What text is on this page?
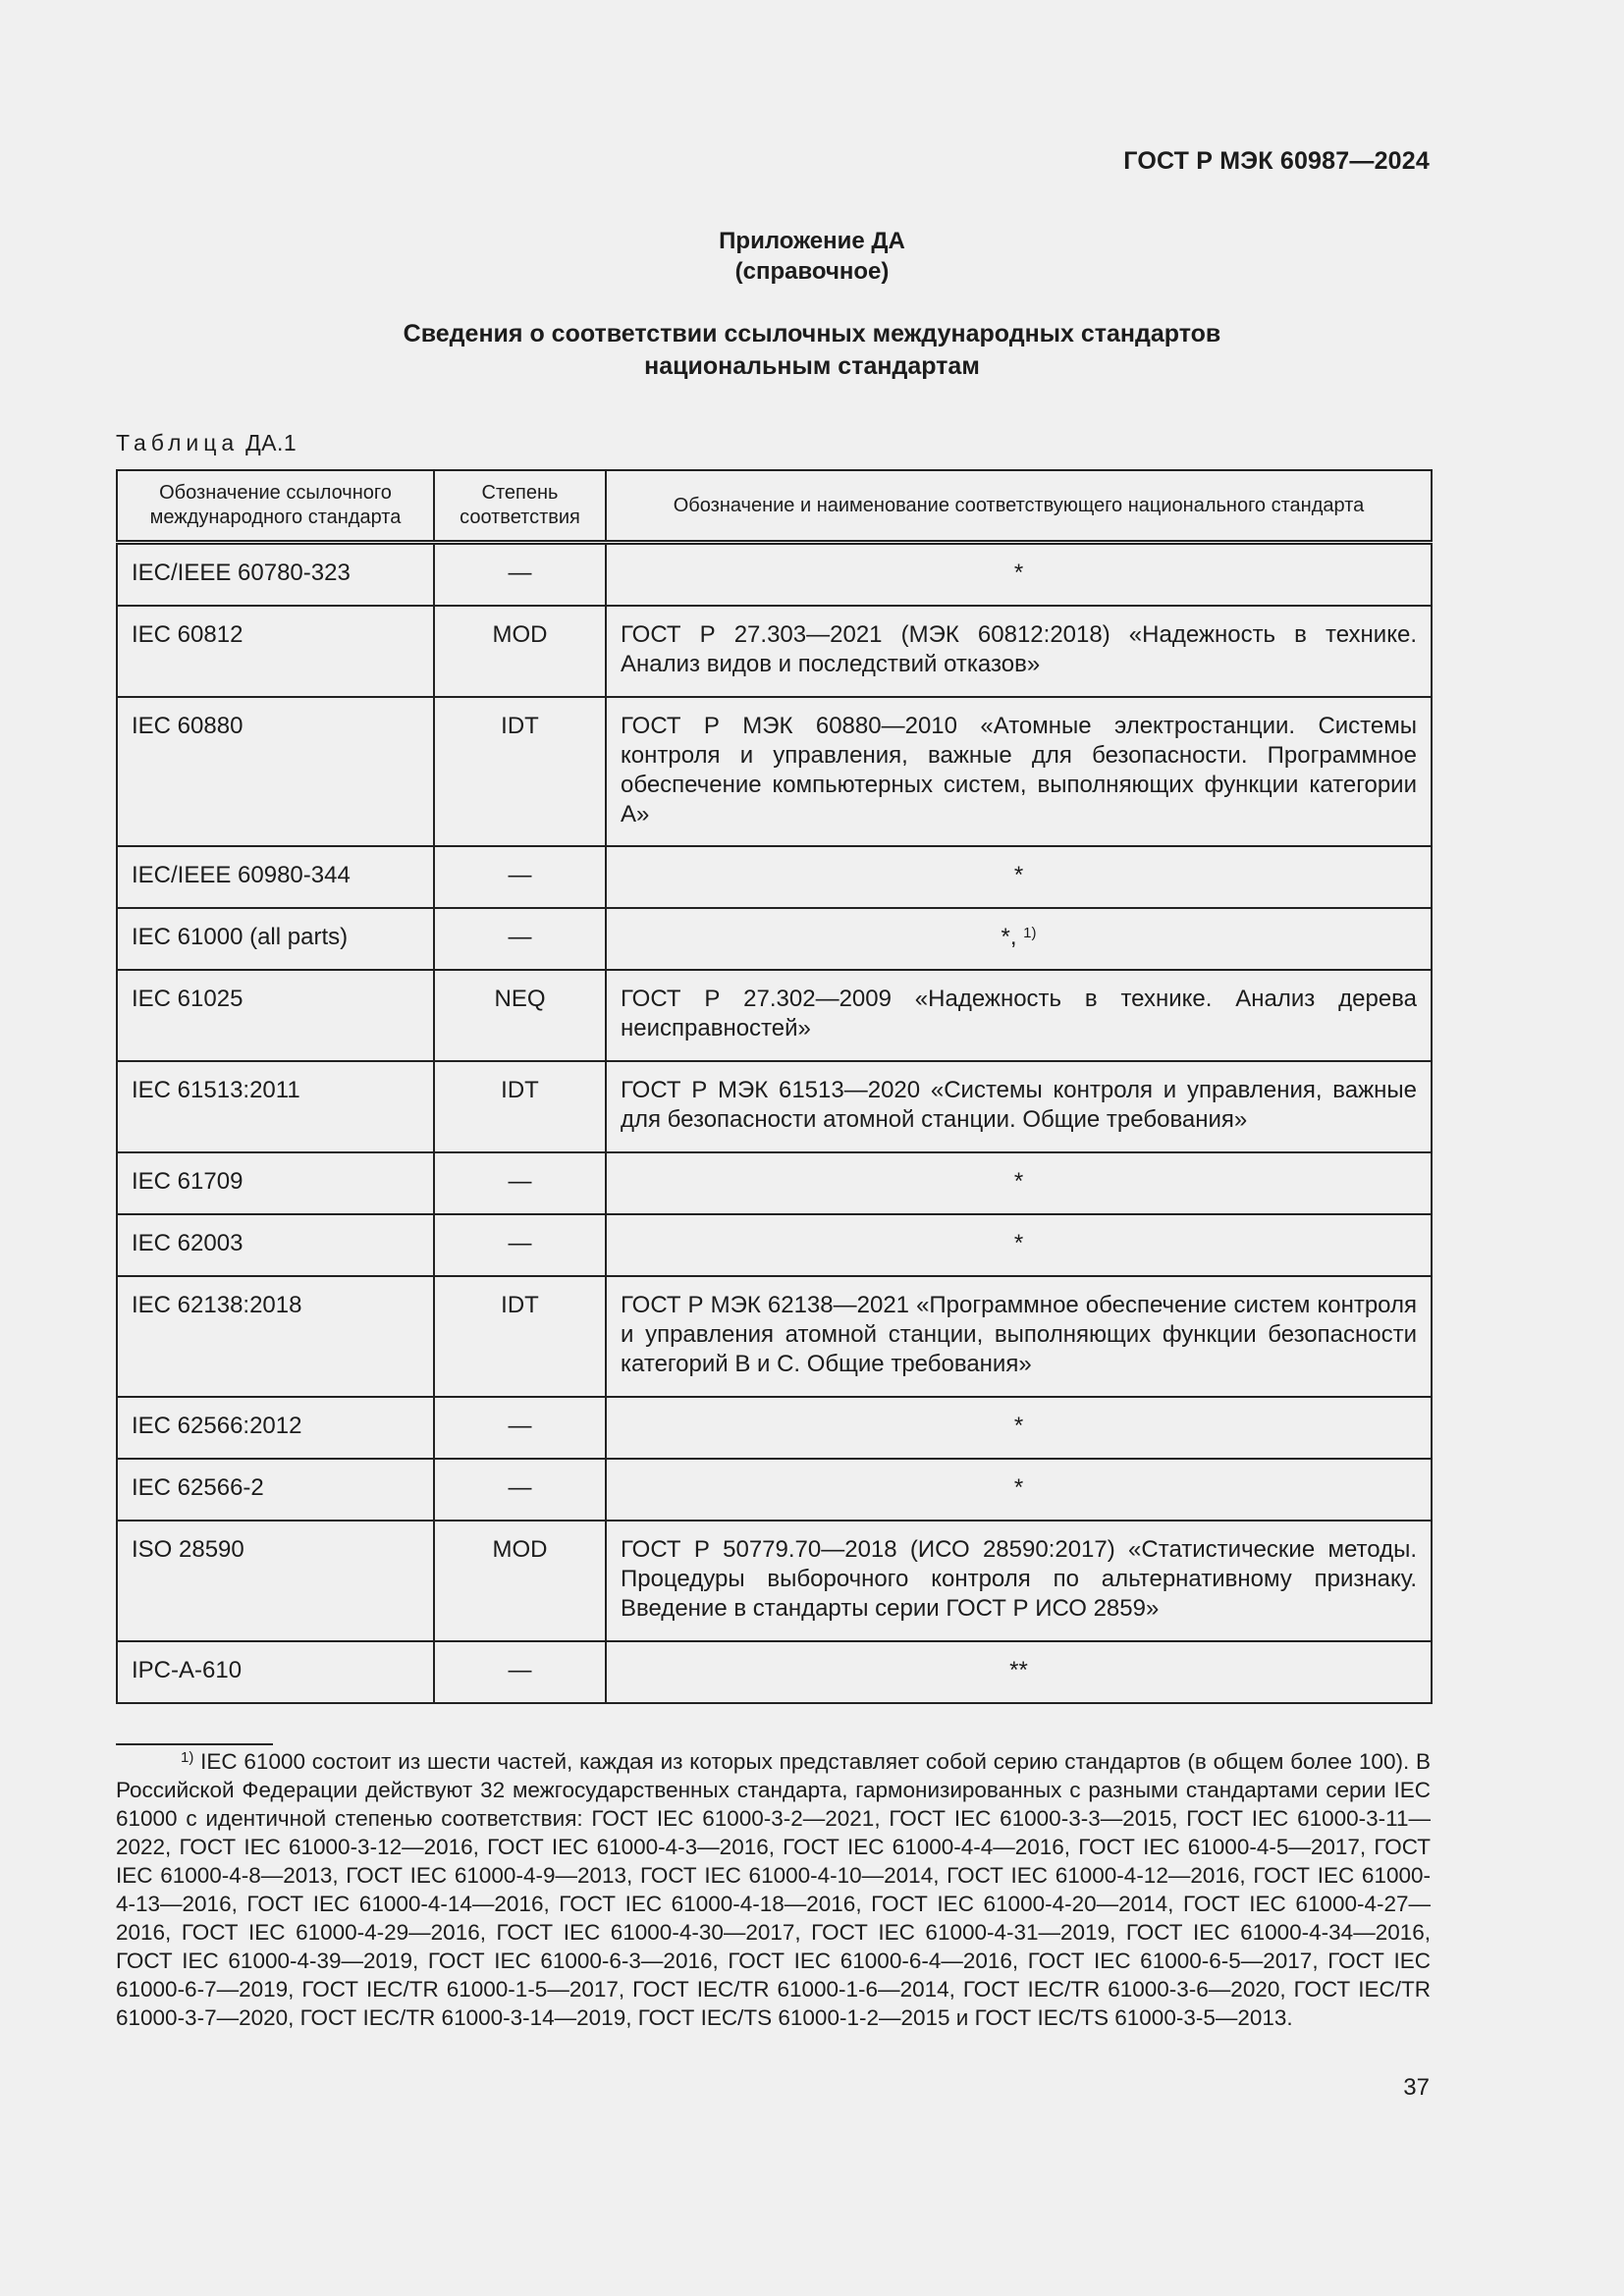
ГОСТ Р МЭК 60987—2024
Приложение ДА
(справочное)
Сведения о соответствии ссылочных международных стандартов
национальным стандартам
Таблица ДА.1
Обозначение ссылочного международного стандарта	Степень соответствия	Обозначение и наименование соответствующего национального стандарта
IEC/IEEE 60780-323	—	*
IEC 60812	MOD	ГОСТ Р 27.303—2021 (МЭК 60812:2018) «Надежность в технике. Анализ видов и последствий отказов»
IEC 60880	IDT	ГОСТ Р МЭК 60880—2010 «Атомные электростанции. Системы контроля и управления, важные для безопасности. Программное обеспечение компьютерных систем, выполняющих функции категории А»
IEC/IEEE 60980-344	—	*
IEC 61000 (all parts)	—	*, $^{1)}$
IEC 61025	NEQ	ГОСТ Р 27.302—2009 «Надежность в технике. Анализ дерева неисправностей»
IEC 61513:2011	IDT	ГОСТ Р МЭК 61513—2020 «Системы контроля и управления, важные для безопасности атомной станции. Общие требования»
IEC 61709	—	*
IEC 62003	—	*
IEC 62138:2018	IDT	ГОСТ Р МЭК 62138—2021 «Программное обеспечение систем контроля и управления атомной станции, выполняющих функции безопасности категорий В и С. Общие требования»
IEC 62566:2012	—	*
IEC 62566-2	—	*
ISO 28590	MOD	ГОСТ Р 50779.70—2018 (ИСО 28590:2017) «Статистические методы. Процедуры выборочного контроля по альтернативному признаку. Введение в стандарты серии ГОСТ Р ИСО 2859»
IPC-A-610	—	**

$^{1)}$ IEC 61000 состоит из шести частей, каждая из которых представляет собой серию стандартов (в общем более 100). В Российской Федерации действуют 32 межгосударственных стандарта, гармонизированных с разными стандартами серии IEC 61000 с идентичной степенью соответствия: ГОСТ IEC 61000-3-2—2021, ГОСТ IEC 61000-3-3—2015, ГОСТ IEC 61000-3-11—2022, ГОСТ IEC 61000-3-12—2016, ГОСТ IEC 61000-4-3—2016, ГОСТ IEC 61000-4-4—2016, ГОСТ IEC 61000-4-5—2017, ГОСТ IEC 61000-4-8—2013, ГОСТ IEC 61000-4-9—2013, ГОСТ IEC 61000-4-10—2014, ГОСТ IEC 61000-4-12—2016, ГОСТ IEC 61000-4-13—2016, ГОСТ IEC 61000-4-14—2016, ГОСТ IEC 61000-4-18—2016, ГОСТ IEC 61000-4-20—2014, ГОСТ IEC 61000-4-27—2016, ГОСТ IEC 61000-4-29—2016, ГОСТ IEC 61000-4-30—2017, ГОСТ IEC 61000-4-31—2019, ГОСТ IEC 61000-4-34—2016, ГОСТ IEC 61000-4-39—2019, ГОСТ IEC 61000-6-3—2016, ГОСТ IEC 61000-6-4—2016, ГОСТ IEC 61000-6-5—2017, ГОСТ IEC 61000-6-7—2019, ГОСТ IEC/TR 61000-1-5—2017, ГОСТ IEC/TR 61000-1-6—2014, ГОСТ IEC/TR 61000-3-6—2020, ГОСТ IEC/TR 61000-3-7—2020, ГОСТ IEC/TR 61000-3-14—2019, ГОСТ IEC/TS 61000-1-2—2015 и ГОСТ IEC/TS 61000-3-5—2013.

37
